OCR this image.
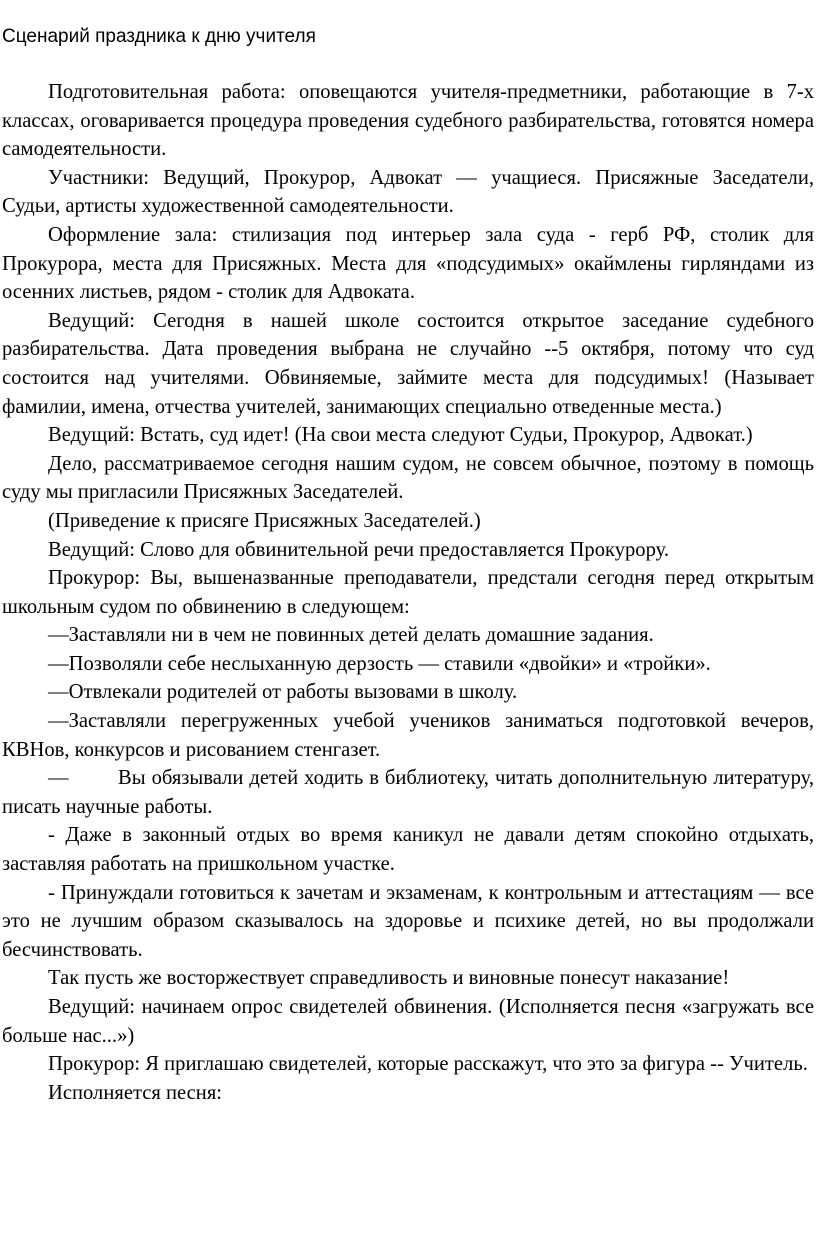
Сценарий праздника к дню учителя

Подготовительная работа: оповещаются учителя-предметники, работающие в 7-х классах, оговаривается процедура проведения судебного разбирательства, готовятся номера самодеятельности.

Участники: Ведущий, Прокурор, Адвокат — учащиеся. Присяжные Заседатели, Судьи, артисты художественной самодеятельности.

Оформление зала: стилизация под интерьер зала суда - герб РФ, столик для Прокурора, места для Присяжных. Места для «подсудимых» окаймлены гирляндами из осенних листьев, рядом - столик для Адвоката.

Ведущий: Сегодня в нашей школе состоится открытое заседание судебного разбирательства. Дата проведения выбрана не случайно --5 октября, потому что суд состоится над учителями. Обвиняемые, займите места для подсудимых! (Называет фамилии, имена, отчества учителей, занимающих специально отведенные места.)

Ведущий: Встать, суд идет! (На свои места следуют Судьи, Прокурор, Адвокат.)

Дело, рассматриваемое сегодня нашим судом, не совсем обычное, поэтому в помощь суду мы пригласили Присяжных Заседателей.

(Приведение к присяге Присяжных Заседателей.)

Ведущий: Слово для обвинительной речи предоставляется Прокурору.

Прокурор: Вы, вышеназванные преподаватели, предстали сегодня перед открытым школьным судом по обвинению в следующем:

—Заставляли ни в чем не повинных детей делать домашние задания.

—Позволяли себе неслыханную дерзость — ставили «двойки» и «тройки».

—Отвлекали родителей от работы вызовами в школу.

—Заставляли перегруженных учебой учеников заниматься подготовкой вечеров, КВНов, конкурсов и рисованием стенгазет.

— Вы обязывали детей ходить в библиотеку, читать дополнительную литературу, писать научные работы.

- Даже в законный отдых во время каникул не давали детям спокойно отдыхать, заставляя работать на пришкольном участке.

- Принуждали готовиться к зачетам и экзаменам, к контрольным и аттестациям — все это не лучшим образом сказывалось на здоровье и психике детей, но вы продолжали бесчинствовать.

Так пусть же восторжествует справедливость и виновные понесут наказание!

Ведущий: начинаем опрос свидетелей обвинения. (Исполняется песня «загружать все больше нас...»)

Прокурор: Я приглашаю свидетелей, которые расскажут, что это за фигура -- Учитель.

Исполняется песня:
